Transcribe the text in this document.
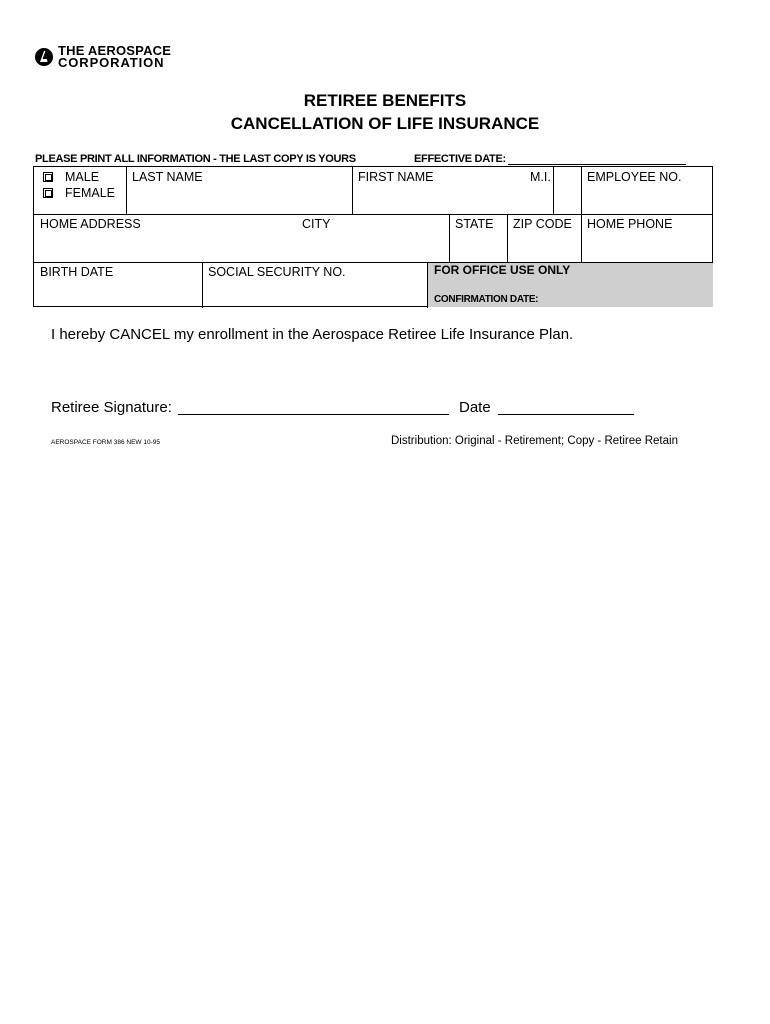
THE AEROSPACE
CORPORATION
RETIREE BENEFITS
CANCELLATION OF LIFE INSURANCE
PLEASE PRINT ALL INFORMATION - THE LAST COPY IS YOURS	EFFECTIVE DATE:
MALE
FEMALE
LAST NAME	FIRST NAME	M.I.	EMPLOYEE NO.
HOME ADDRESS	CITY	STATE	ZIP CODE	HOME PHONE
BIRTH DATE	SOCIAL SECURITY NO.	FOR OFFICE USE ONLY
CONFIRMATION DATE:
I hereby CANCEL my enrollment in the Aerospace Retiree Life Insurance Plan.
Retiree Signature:	Date
AEROSPACE FORM 386 NEW 10-95	Distribution: Original - Retirement; Copy - Retiree Retain
